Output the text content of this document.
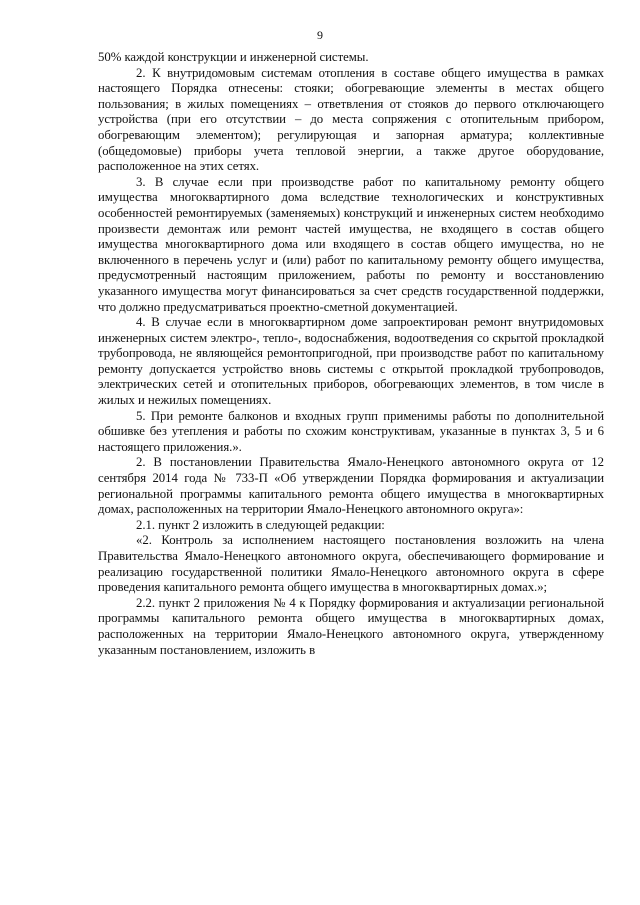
9

50% каждой конструкции и инженерной системы.

2. К внутридомовым системам отопления в составе общего имущества в рамках настоящего Порядка отнесены: стояки; обогревающие элементы в местах общего пользования; в жилых помещениях – ответвления от стояков до первого отключающего устройства (при его отсутствии – до места сопряжения с отопительным прибором, обогревающим элементом); регулирующая и запорная арматура; коллективные (общедомовые) приборы учета тепловой энергии, а также другое оборудование, расположенное на этих сетях.

3. В случае если при производстве работ по капитальному ремонту общего имущества многоквартирного дома вследствие технологических и конструктивных особенностей ремонтируемых (заменяемых) конструкций и инженерных систем необходимо произвести демонтаж или ремонт частей имущества, не входящего в состав общего имущества многоквартирного дома или входящего в состав общего имущества, но не включенного в перечень услуг и (или) работ по капитальному ремонту общего имущества, предусмотренный настоящим приложением, работы по ремонту и восстановлению указанного имущества могут финансироваться за счет средств государственной поддержки, что должно предусматриваться проектно-сметной документацией.

4. В случае если в многоквартирном доме запроектирован ремонт внутридомовых инженерных систем электро-, тепло-, водоснабжения, водоотведения со скрытой прокладкой трубопровода, не являющейся ремонтопригодной, при производстве работ по капитальному ремонту допускается устройство вновь системы с открытой прокладкой трубопроводов, электрических сетей и отопительных приборов, обогревающих элементов, в том числе в жилых и нежилых помещениях.

5. При ремонте балконов и входных групп применимы работы по дополнительной обшивке без утепления и работы по схожим конструктивам, указанные в пунктах 3, 5 и 6 настоящего приложения.».

2. В постановлении Правительства Ямало-Ненецкого автономного округа от 12 сентября 2014 года № 733-П «Об утверждении Порядка формирования и актуализации региональной программы капитального ремонта общего имущества в многоквартирных домах, расположенных на территории Ямало-Ненецкого автономного округа»:

2.1. пункт 2 изложить в следующей редакции:

«2. Контроль за исполнением настоящего постановления возложить на члена Правительства Ямало-Ненецкого автономного округа, обеспечивающего формирование и реализацию государственной политики Ямало-Ненецкого автономного округа в сфере проведения капитального ремонта общего имущества в многоквартирных домах.»;

2.2. пункт 2 приложения № 4 к Порядку формирования и актуализации региональной программы капитального ремонта общего имущества в многоквартирных домах, расположенных на территории Ямало-Ненецкого автономного округа, утвержденному указанным постановлением, изложить в
